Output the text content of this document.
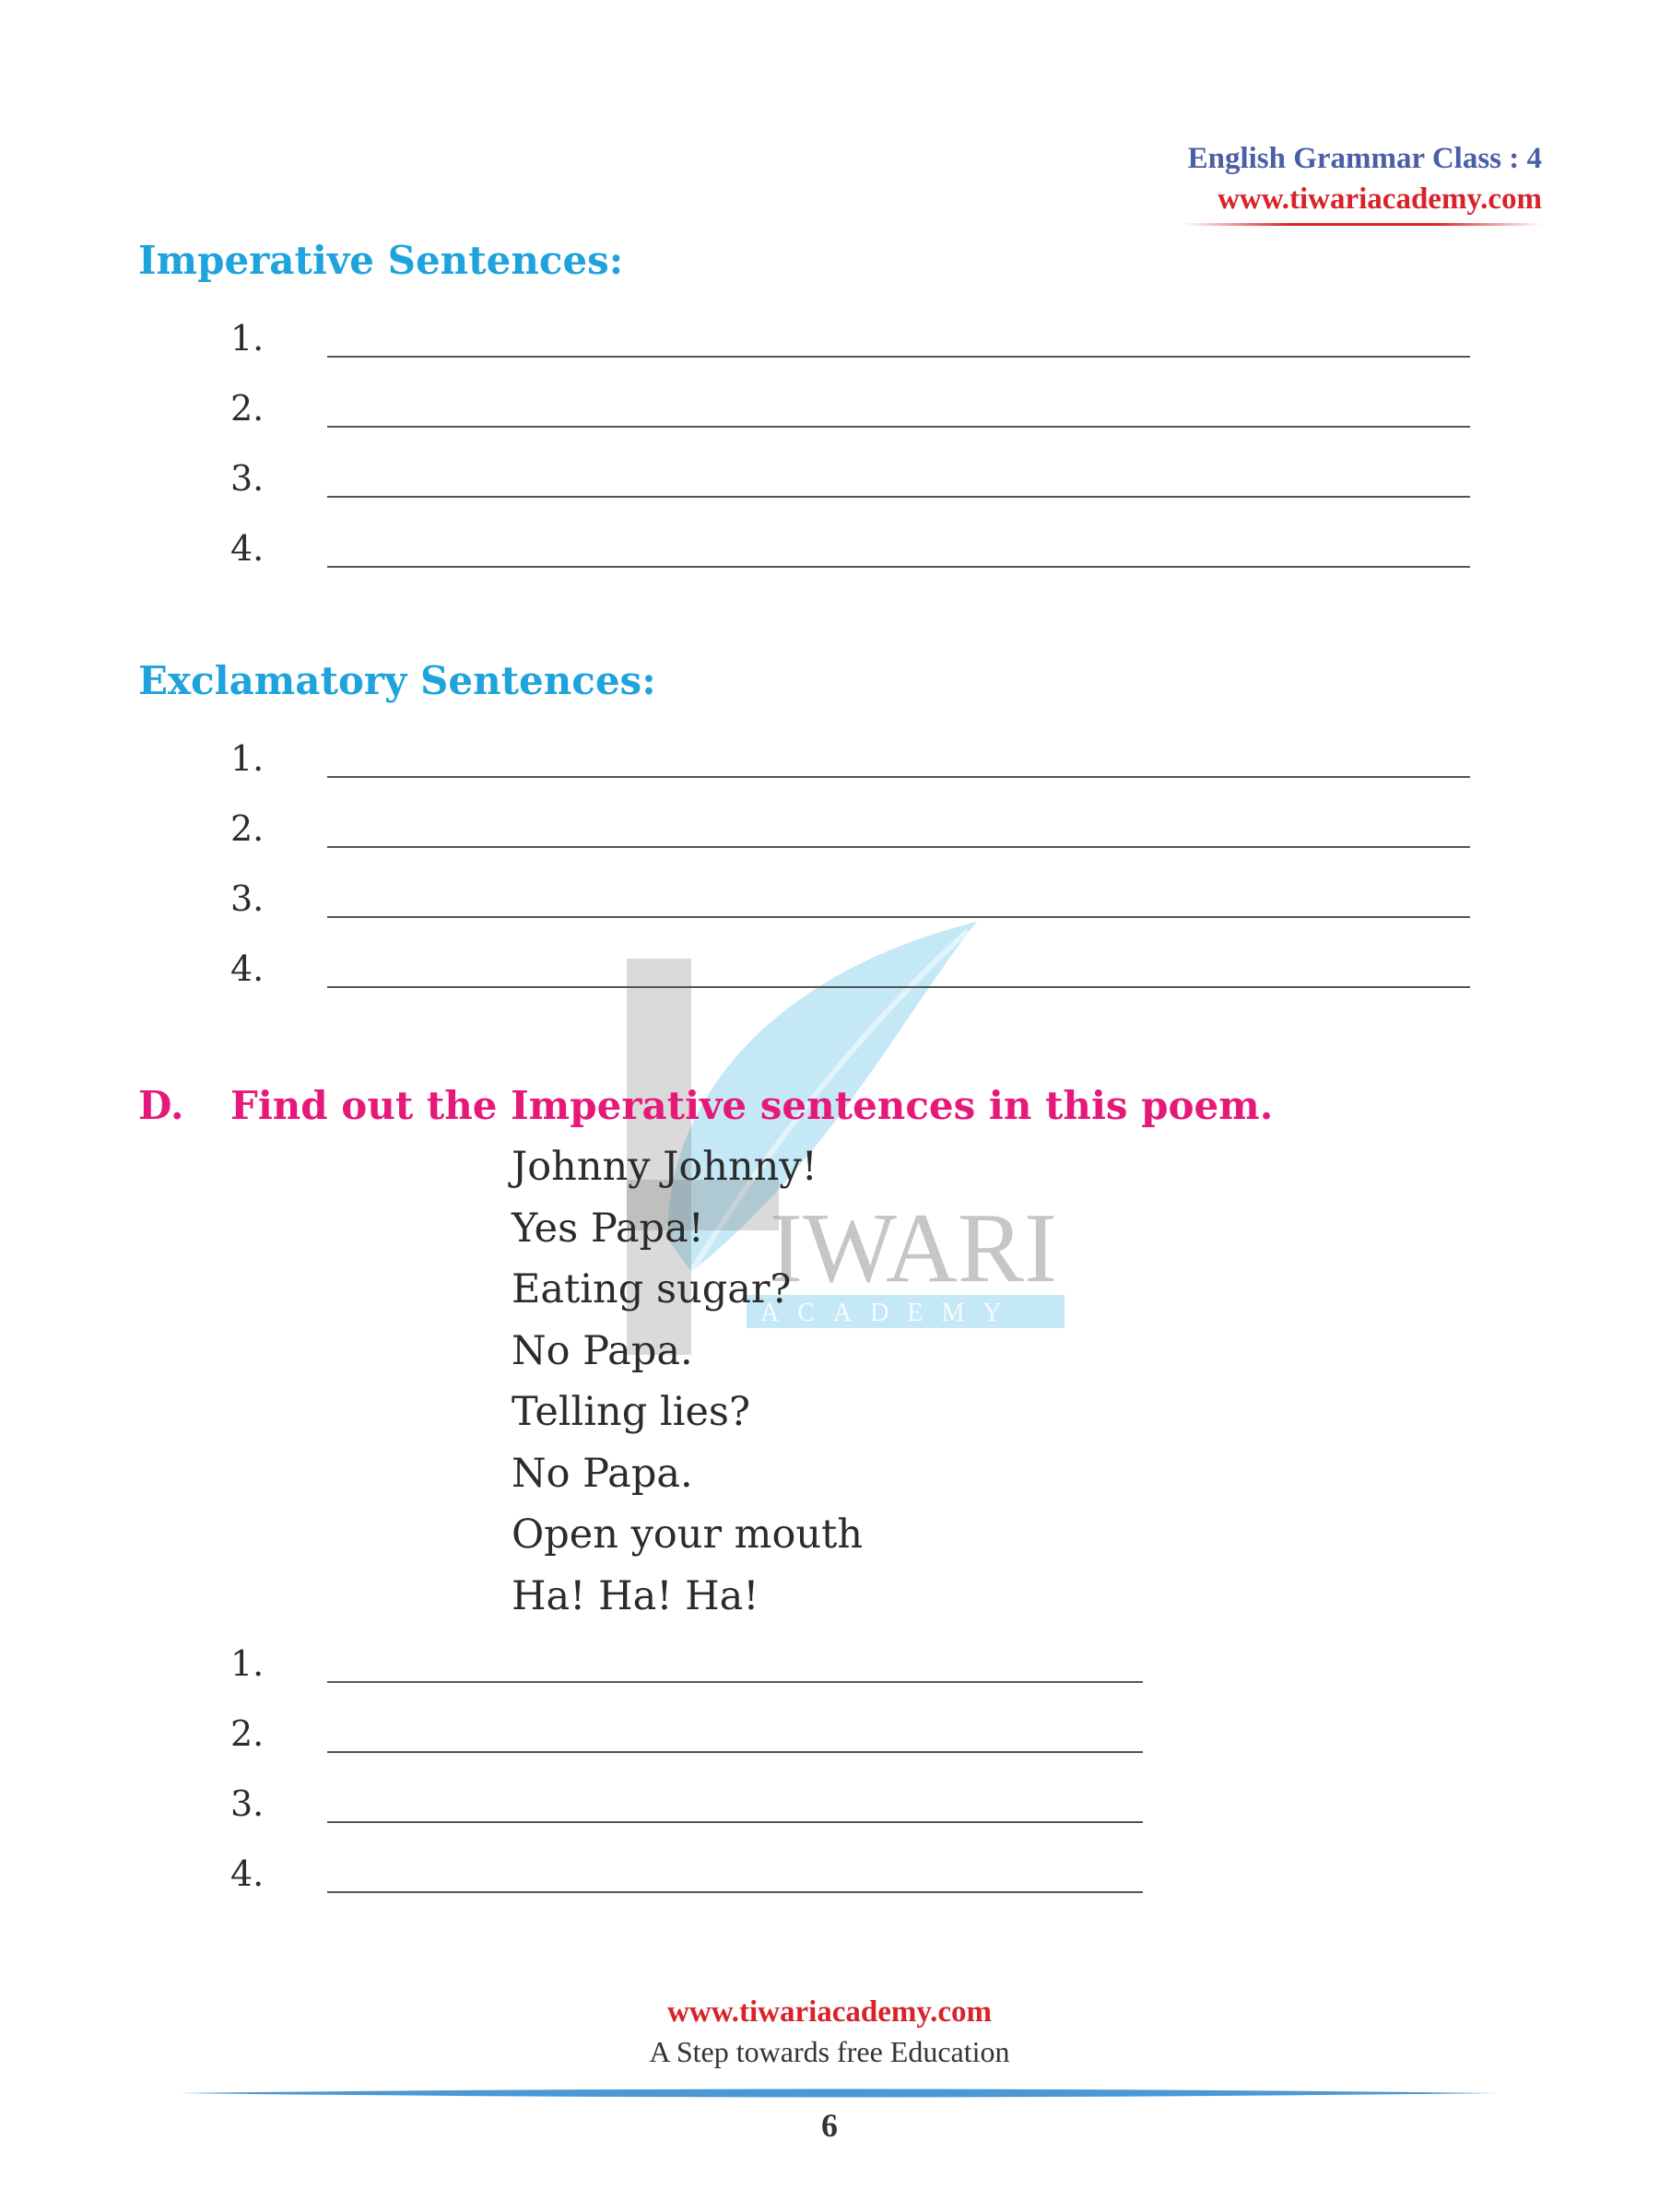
English Grammar Class : 4
www.tiwariacademy.com
IWARI
ACADEMY
Imperative Sentences:
1.
2.
3.
4.
Exclamatory Sentences:
1.
2.
3.
4.
D. Find out the Imperative sentences in this poem.
Johnny Johnny!
Yes Papa!
Eating sugar?
No Papa.
Telling lies?
No Papa.
Open your mouth
Ha! Ha! Ha!
1.
2.
3.
4.
www.tiwariacademy.com
A Step towards free Education
6
